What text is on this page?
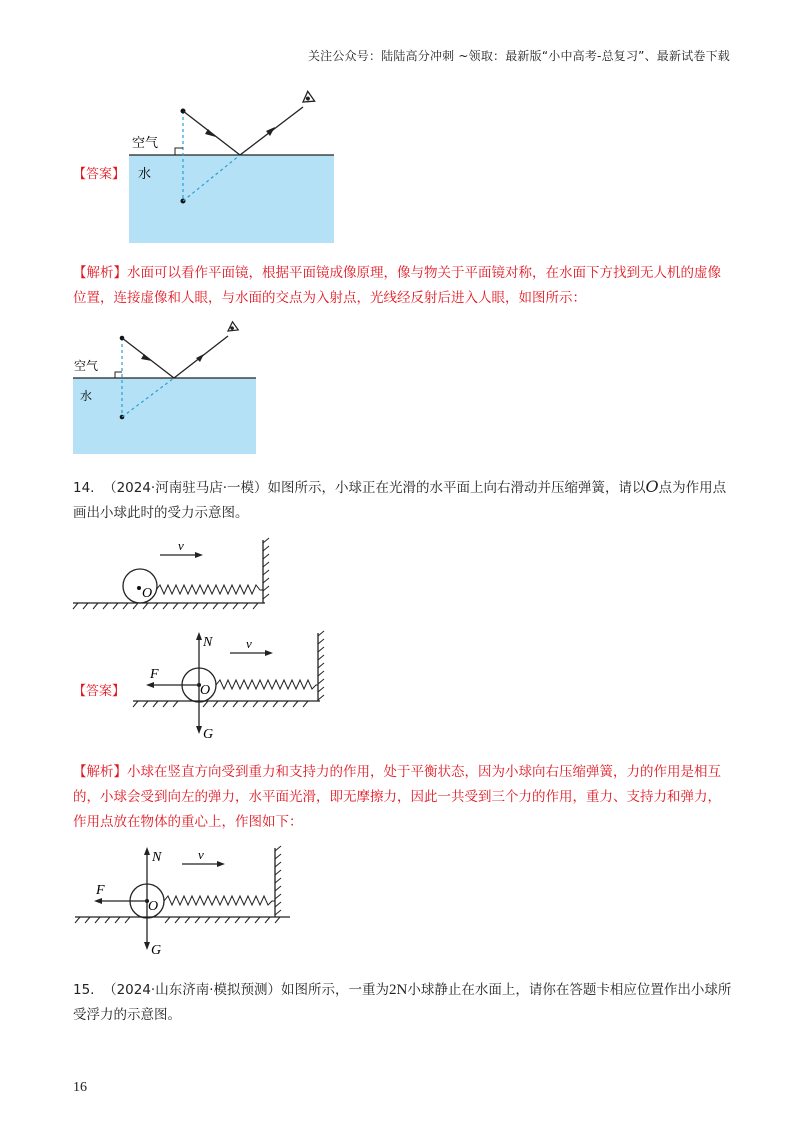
关注公众号：陆陆高分冲刺 ~领取：最新版“小中高考-总复习”、最新试卷下载
【答案】
空气
水
【解析】水面可以看作平面镜，根据平面镜成像原理，像与物关于平面镜对称，在水面下方找到无人机的虚像位置，连接虚像和人眼，与水面的交点为入射点，光线经反射后进入人眼，如图所示：
空气
水
14. （2024·河南驻马店·一模）如图所示，小球正在光滑的水平面上向右滑动并压缩弹簧，请以O点为作用点画出小球此时的受力示意图。
O
v
【答案】	O
N
G
F
v
【解析】小球在竖直方向受到重力和支持力的作用，处于平衡状态，因为小球向右压缩弹簧，力的作用是相互的，小球会受到向左的弹力，水平面光滑，即无摩擦力，因此一共受到三个力的作用，重力、支持力和弹力，作用点放在物体的重心上，作图如下：
O
N
G
F
v
15. （2024·山东济南·模拟预测）如图所示，一重为2N小球静止在水面上，请你在答题卡相应位置作出小球所受浮力的示意图。
16
